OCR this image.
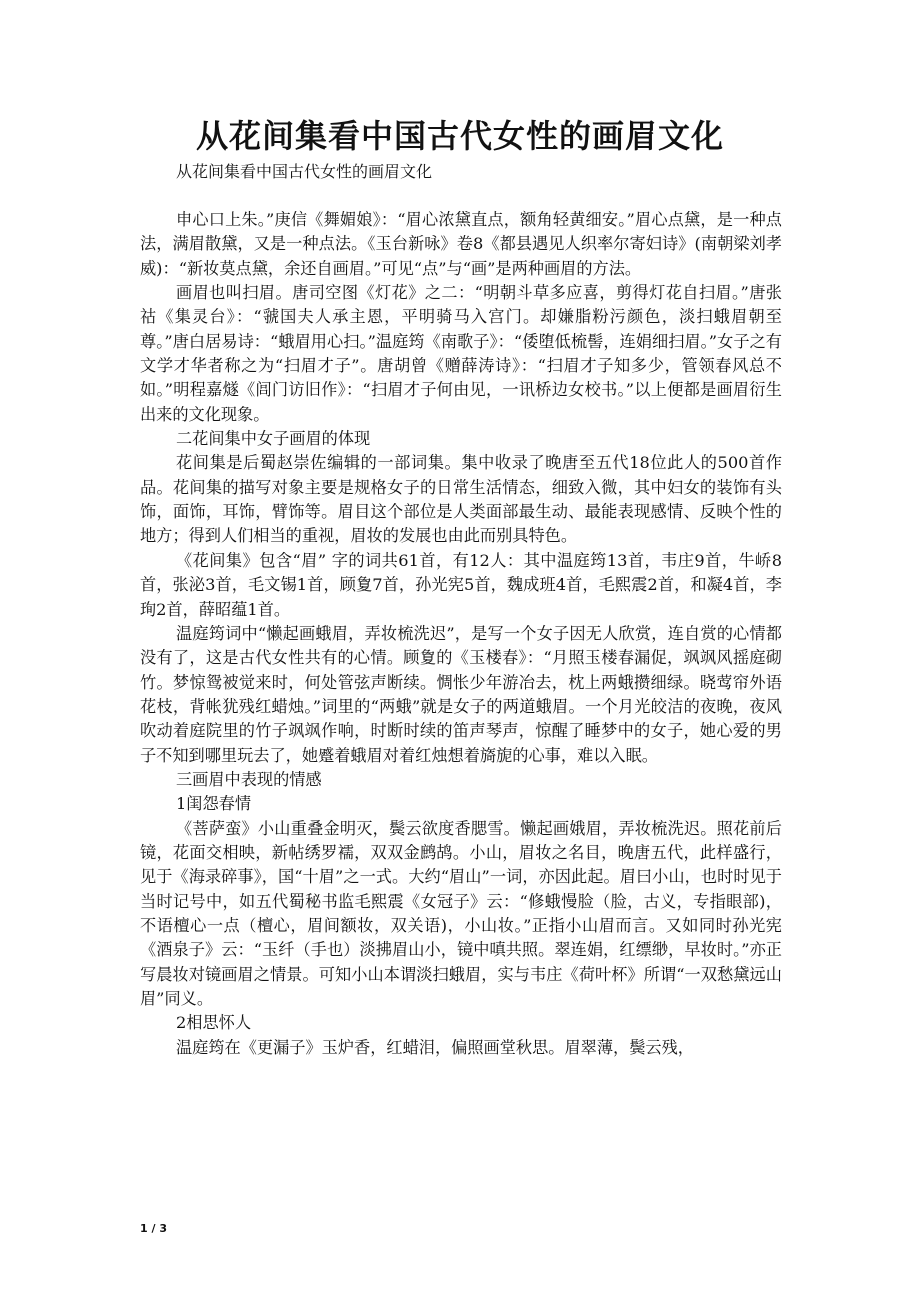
从花间集看中国古代女性的画眉文化

从花间集看中国古代女性的画眉文化

申心口上朱。”庚信《舞媚娘》：“眉心浓黛直点，额角轻黄细安。”眉心点黛，是一种点法，满眉散黛，又是一种点法。《玉台新咏》卷8《都县遇见人织率尔寄妇诗》(南朝梁刘孝威)：“新妆莫点黛，余还自画眉。”可见“点”与“画”是两种画眉的方法。

画眉也叫扫眉。唐司空图《灯花》之二：“明朝斗草多应喜，剪得灯花自扫眉。”唐张祜《集灵台》：“虢国夫人承主恩，平明骑马入宫门。却嫌脂粉污颜色，淡扫蛾眉朝至尊。”唐白居易诗：“蛾眉用心扫。”温庭筠《南歌子》：“倭堕低梳髻，连娟细扫眉。”女子之有文学才华者称之为“扫眉才子”。唐胡曾《赠薛涛诗》：“扫眉才子知多少，管领春风总不如。”明程嘉燧《闾门访旧作》：“扫眉才子何由见，一讯桥边女校书。”以上便都是画眉衍生出来的文化现象。

二花间集中女子画眉的体现

花间集是后蜀赵崇佐编辑的一部词集。集中收录了晚唐至五代18位此人的500首作品。花间集的描写对象主要是规格女子的日常生活情态，细致入微，其中妇女的装饰有头饰，面饰，耳饰，臂饰等。眉目这个部位是人类面部最生动、最能表现感情、反映个性的地方；得到人们相当的重视，眉妆的发展也由此而别具特色。

《花间集》包含“眉” 字的词共61首，有12人：其中温庭筠13首，韦庄9首，牛峤8首，张泌3首，毛文锡1首，顾夐7首，孙光宪5首，魏成班4首，毛熙震2首，和凝4首，李珣2首，薛昭蕴1首。

温庭筠词中“懒起画蛾眉，弄妆梳洗迟”，是写一个女子因无人欣赏，连自赏的心情都没有了，这是古代女性共有的心情。顾夐的《玉楼春》：“月照玉楼春漏促，飒飒风摇庭砌竹。梦惊鸳被觉来时，何处管弦声断续。惆怅少年游冶去，枕上两蛾攒细绿。晓莺帘外语花枝，背帐犹残红蜡烛。”词里的“两蛾”就是女子的两道蛾眉。一个月光皎洁的夜晚，夜风吹动着庭院里的竹子飒飒作响，时断时续的笛声琴声，惊醒了睡梦中的女子，她心爱的男子不知到哪里玩去了，她蹙着蛾眉对着红烛想着旖旎的心事，难以入眠。

三画眉中表现的情感

1闺怨春情

《菩萨蛮》小山重叠金明灭，鬓云欲度香腮雪。懒起画娥眉，弄妆梳洗迟。照花前后镜，花面交相映，新帖绣罗襦，双双金鹧鸪。小山，眉妆之名目，晚唐五代，此样盛行，见于《海录碎事》，国“十眉”之一式。大约“眉山”一词，亦因此起。眉曰小山，也时时见于当时记号中，如五代蜀秘书监毛熙震《女冠子》云：“修蛾慢脸（脸，古义，专指眼部)，不语檀心一点（檀心，眉间额妆，双关语)，小山妆。”正指小山眉而言。又如同时孙光宪《酒泉子》云：“玉纤（手也）淡拂眉山小，镜中嗔共照。翠连娟，红缥缈，早妆时。”亦正写晨妆对镜画眉之情景。可知小山本谓淡扫蛾眉，实与韦庄《荷叶杯》所谓“一双愁黛远山眉”同义。

2相思怀人

温庭筠在《更漏子》玉炉香，红蜡泪，偏照画堂秋思。眉翠薄，鬓云残，

1 / 3
